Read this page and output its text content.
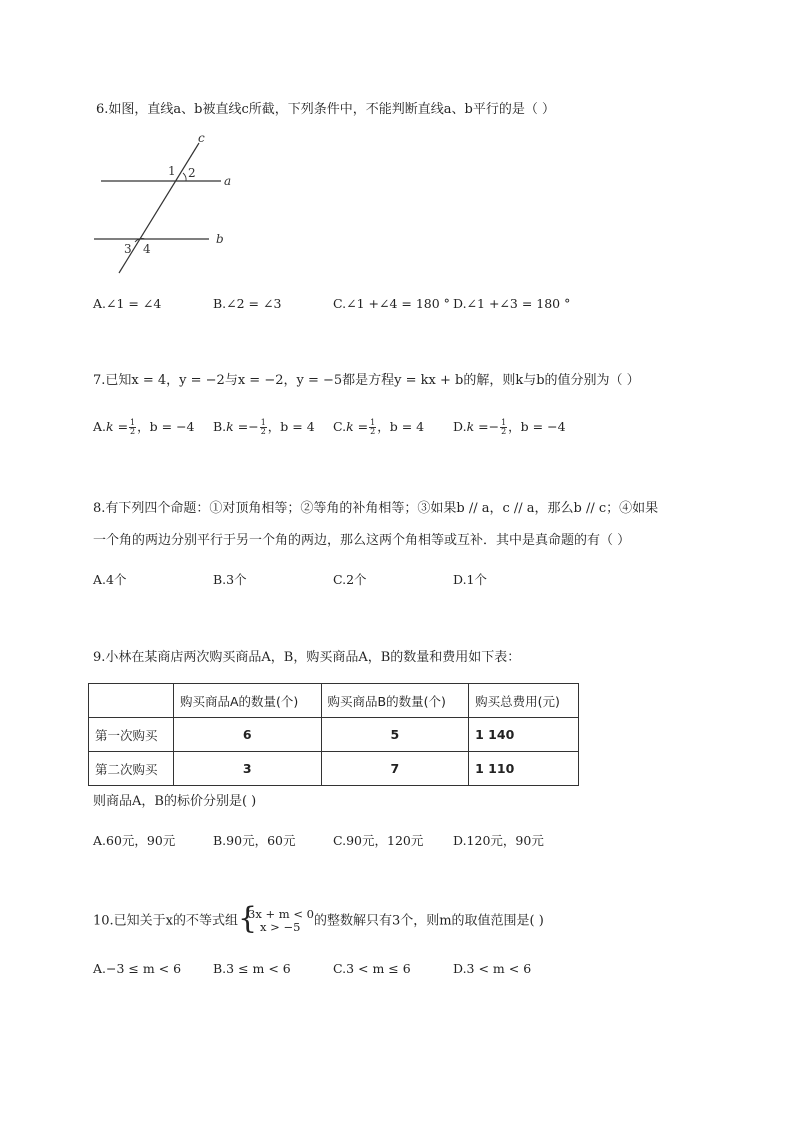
6.如图，直线a、b被直线c所截，下列条件中，不能判断直线a、b平行的是（ ）
c
a
b
1 2
3 4
A.∠1 = ∠4	B.∠2 = ∠3	C.∠1 +∠4 = 180 ° D.∠1 +∠3 = 180 °
7.已知x = 4，y = −2与x = −2，y = −5都是方程y = kx + b的解，则k与b的值分别为（ ）
$A.k = \frac{1}{2}$ ，b = −4 $B.k =- \frac{1}{2}$ ，b = 4 $C.k = \frac{1}{2}$ ，b = 4 $D.k =- \frac{1}{2}$ ，b = −4
8.有下列四个命题：①对顶角相等；②等角的补角相等；③如果b // a，c // a，那么b // c；④如果
一个角的两边分别平行于另一个角的两边，那么这两个角相等或互补．其中是真命题的有（ ）
A.4个	B.3个	C.2个	D.1个
9.小林在某商店两次购买商品A，B，购买商品A，B的数量和费用如下表：
	购买商品A的数量(个)	购买商品B的数量(个)	购买总费用(元)
第一次购买	6	5	1 140
第二次购买	3	7	1 110
则商品A，B的标价分别是( )
A.60元，90元	B.90元，60元	C.90元，120元 D.120元，90元
10.已知关于x的不等式组 {
3x + m < 0
x > −5	的整数解只有3个，则m的取值范围是( )
A.−3 ≤ m < 6	B.3 ≤ m < 6	C.3 < m ≤ 6	D.3 < m < 6
